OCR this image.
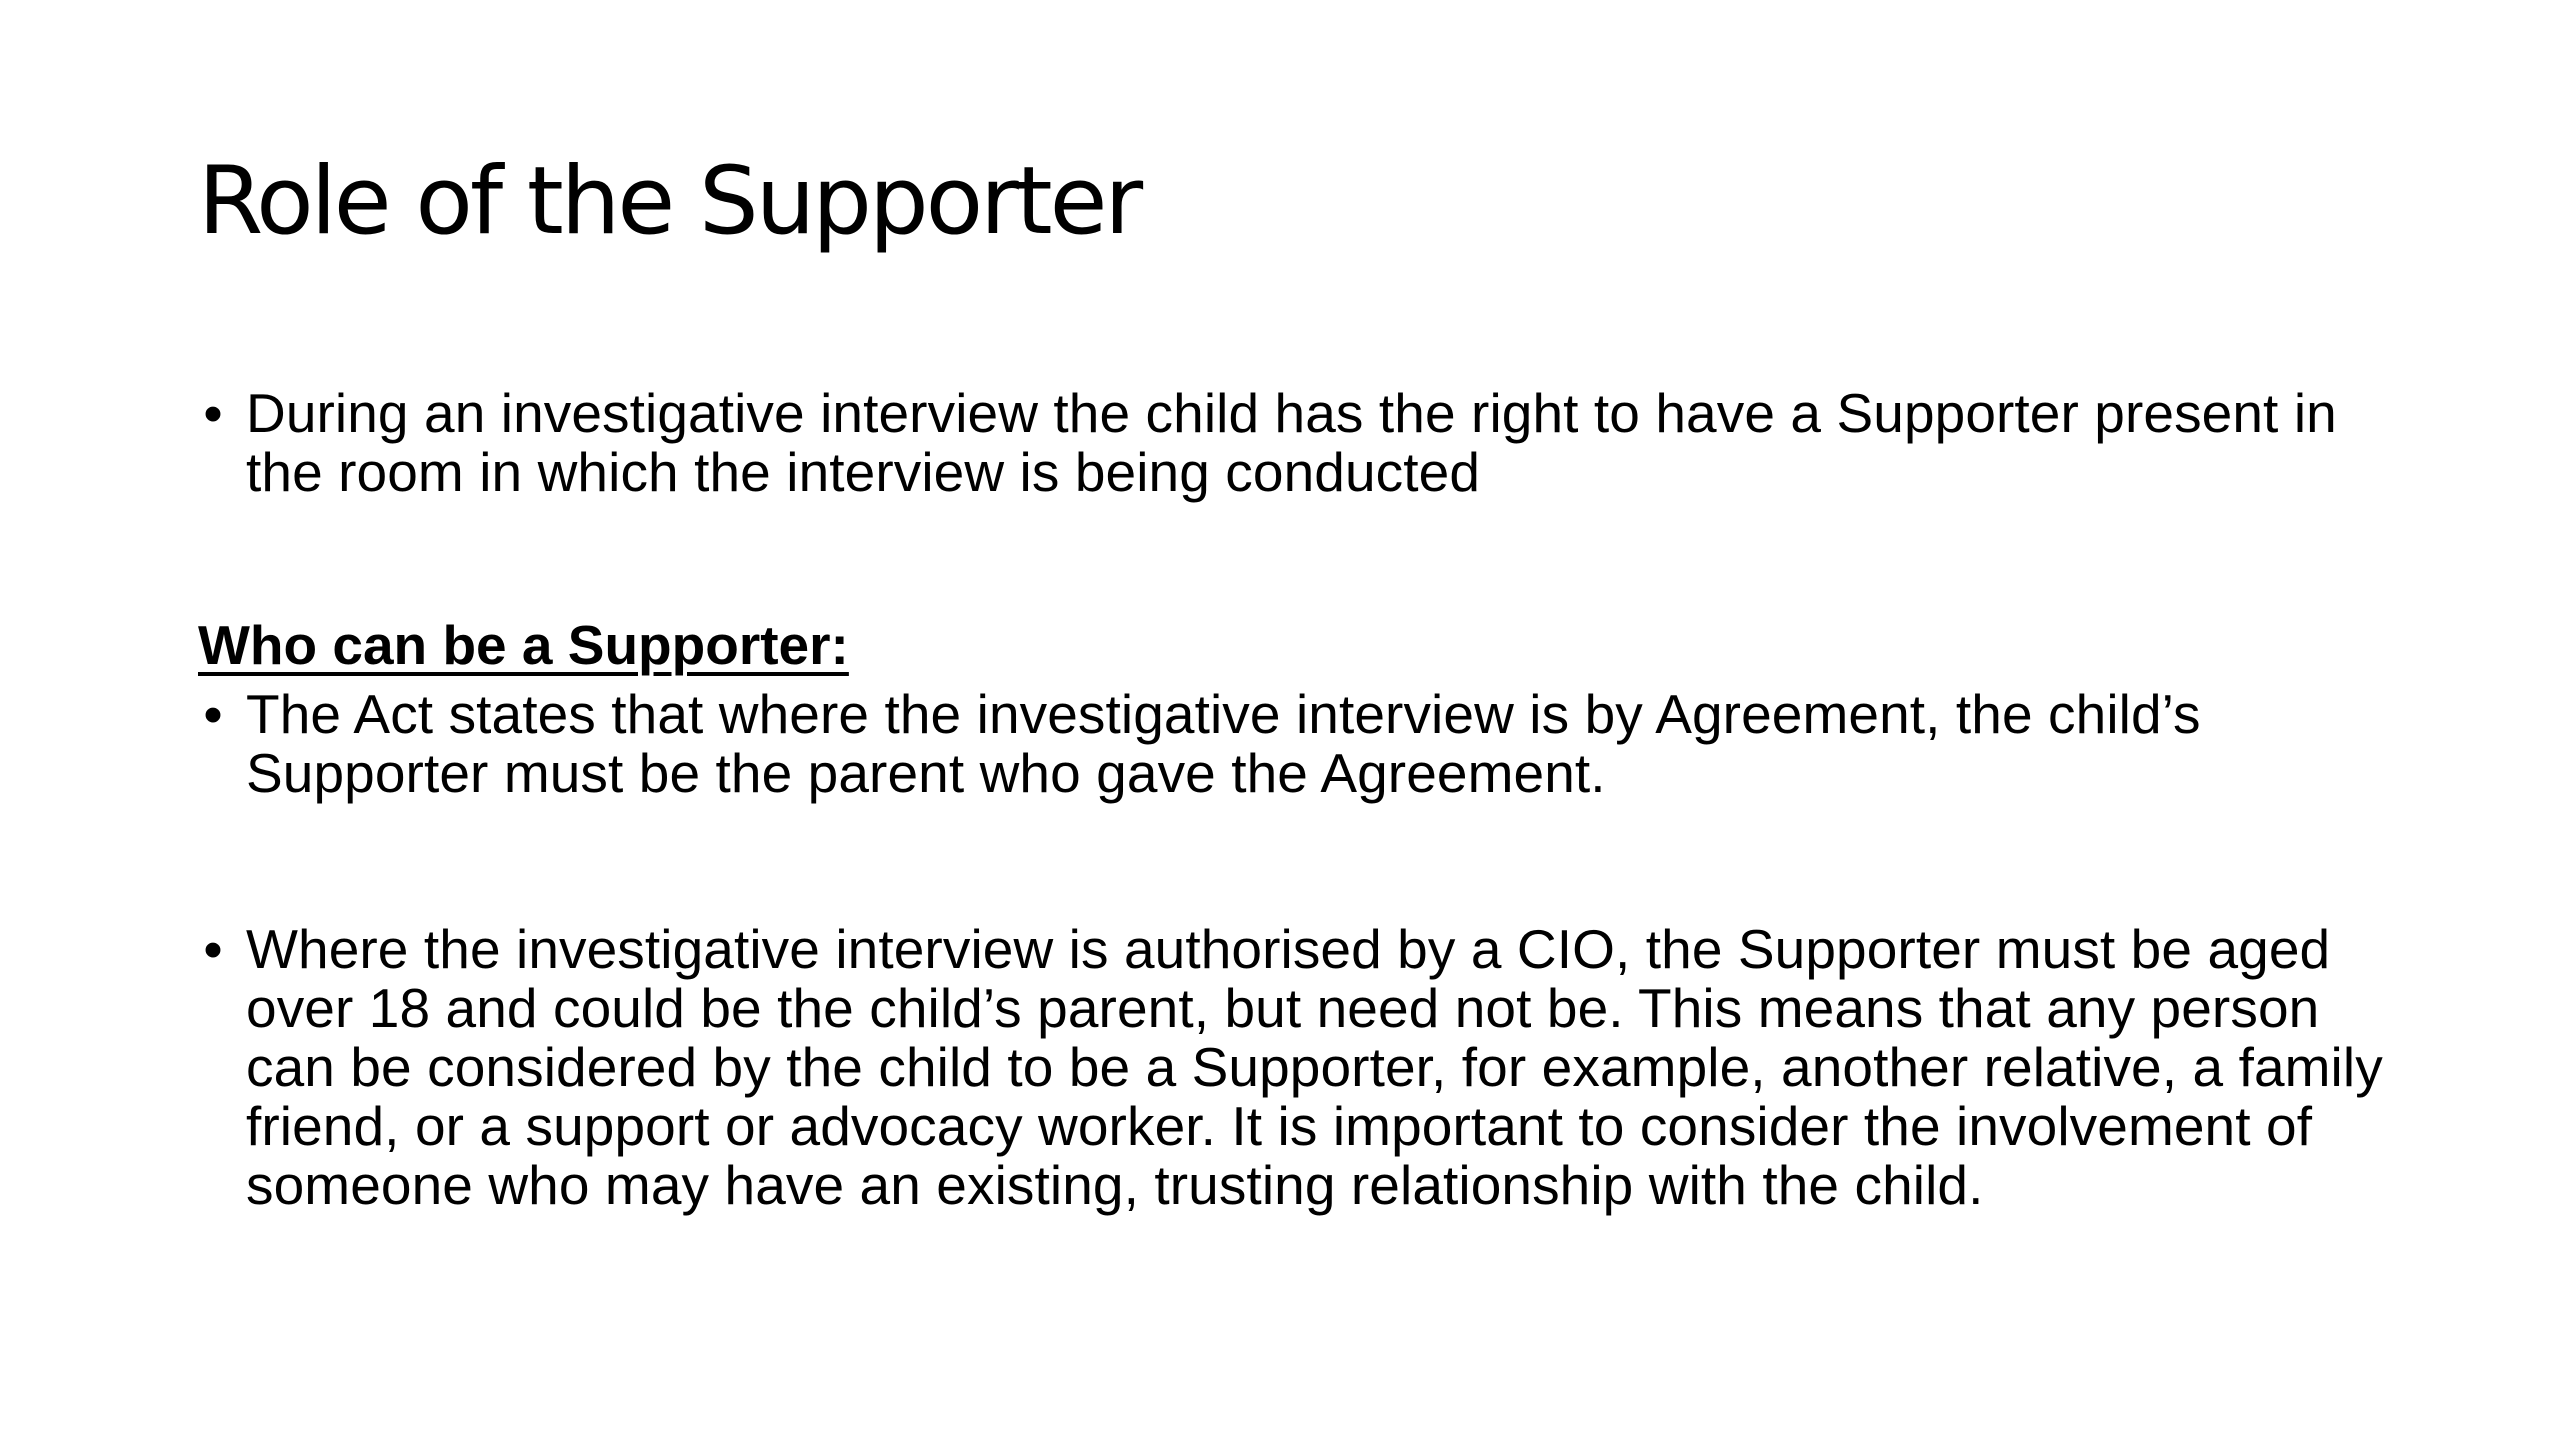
Role of the Supporter
• During an investigative interview the child has the right to have a Supporter present in the room in which the interview is being conducted
Who can be a Supporter:
• The Act states that where the investigative interview is by Agreement, the child’s Supporter must be the parent who gave the Agreement.
• Where the investigative interview is authorised by a CIO, the Supporter must be aged over 18 and could be the child’s parent, but need not be. This means that any person can be considered by the child to be a Supporter, for example, another relative, a family friend, or a support or advocacy worker. It is important to consider the involvement of someone who may have an existing, trusting relationship with the child.
